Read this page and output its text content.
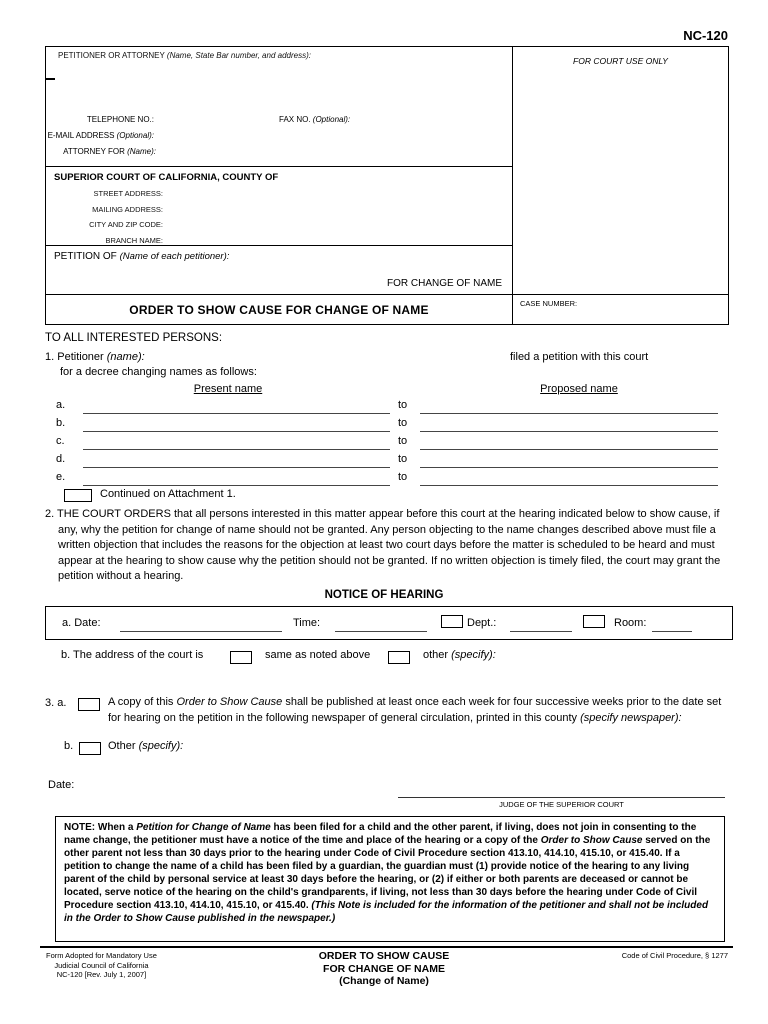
NC-120
PETITIONER OR ATTORNEY (Name, State Bar number, and address):
TELEPHONE NO.:	FAX NO. (Optional):
E-MAIL ADDRESS (Optional):
ATTORNEY FOR (Name):
SUPERIOR COURT OF CALIFORNIA, COUNTY OF
STREET ADDRESS:
MAILING ADDRESS:
CITY AND ZIP CODE:
BRANCH NAME:
PETITION OF (Name of each petitioner):
FOR CHANGE OF NAME
FOR COURT USE ONLY
ORDER TO SHOW CAUSE FOR CHANGE OF NAME	CASE NUMBER:
TO ALL INTERESTED PERSONS:
1. Petitioner (name):	filed a petition with this court
for a decree changing names as follows:
Present name	Proposed name
a.	to
b.	to
c.	to
d.	to
e.	to
Continued on Attachment 1.
2. THE COURT ORDERS that all persons interested in this matter appear before this court at the hearing indicated below to show cause, if any, why the petition for change of name should not be granted. Any person objecting to the name changes described above must file a written objection that includes the reasons for the objection at least two court days before the matter is scheduled to be heard and must appear at the hearing to show cause why the petition should not be granted. If no written objection is timely filed, the court may grant the petition without a hearing.
NOTICE OF HEARING
a. Date:	Time:	Dept.:	Room:
b. The address of the court is	same as noted above	other (specify):
3. a.	A copy of this Order to Show Cause shall be published at least once each week for four successive weeks prior to the date set for hearing on the petition in the following newspaper of general circulation, printed in this county (specify newspaper):
b.	Other (specify):
Date:
JUDGE OF THE SUPERIOR COURT
NOTE: When a Petition for Change of Name has been filed for a child and the other parent, if living, does not join in consenting to the name change, the petitioner must have a notice of the time and place of the hearing or a copy of the Order to Show Cause served on the other parent not less than 30 days prior to the hearing under Code of Civil Procedure section 413.10, 414.10, 415.10, or 415.40. If a petition to change the name of a child has been filed by a guardian, the guardian must (1) provide notice of the hearing to any living parent of the child by personal service at least 30 days before the hearing, or (2) if either or both parents are deceased or cannot be located, serve notice of the hearing on the child's grandparents, if living, not less than 30 days before the hearing under Code of Civil Procedure section 413.10, 414.10, 415.10, or 415.40. (This Note is included for the information of the petitioner and shall not be included in the Order to Show Cause published in the newspaper.)
Form Adopted for Mandatory Use
Judicial Council of California
NC-120 [Rev. July 1, 2007]
ORDER TO SHOW CAUSE
FOR CHANGE OF NAME
(Change of Name)
Code of Civil Procedure, § 1277
